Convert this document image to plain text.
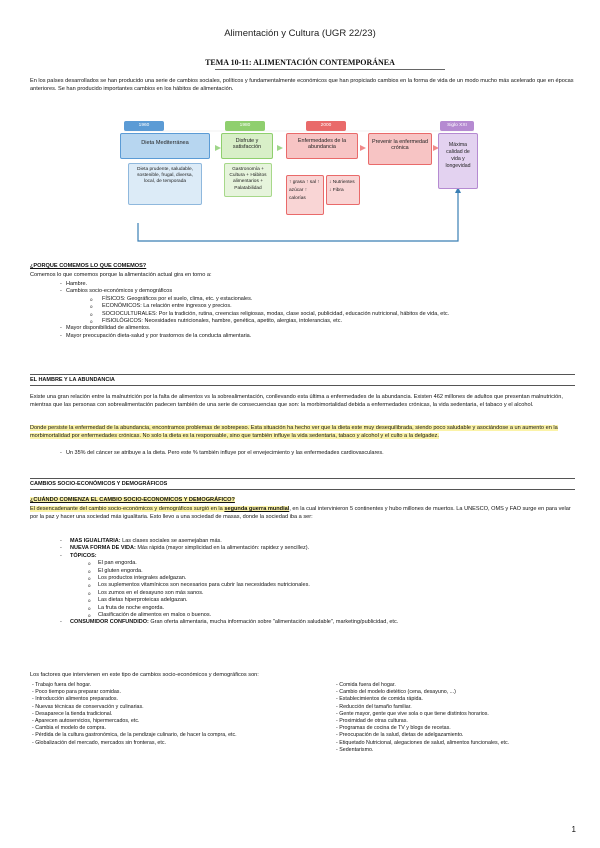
Alimentación y Cultura (UGR 22/23)
TEMA 10-11: ALIMENTACIÓN CONTEMPORÁNEA
En los países desarrollados se han producido una serie de cambios sociales, políticos y fundamentalmente económicos que han propiciado cambios en la forma de vida de un modo mucho más acelerado que en épocas anteriores. Se han producido importantes cambios en los hábitos de alimentación.
1960
Dieta Mediterránea
Dieta prudente, saludable, sostenible, frugal, diversa, local, de temporada
1980
Disfrute y satisfacción
Gastronomía + Cultura + Hábitos alimentarios + Palatabilidad
2000
Enfermedades de la abundancia
↑ grasa ↑ sal ↑ azúcar ↑ calorías
↓ Nutrientes ↓ Fibra
Prevenir la enfermedad crónica
Siglo XXI
Máxima calidad de vida y longevidad
¿PORQUE COMEMOS LO QUE COMEMOS?
Comemos lo que comemos porque la alimentación actual gira en torno a:
- Hambre.
- Cambios socio-económicos y demográficos
o FÍSICOS: Geográficos por el suelo, clima, etc. y estacionales.
o ECONÓMICOS: La relación entre ingresos y precios.
o SOCIOCULTURALES: Por la tradición, rutina, creencias religiosas, modas, clase social, publicidad, educación nutricional, hábitos de vida, etc.
o FISIOLÓGICOS: Necesidades nutricionales, hambre, genética, apetito, alergias, intolerancias, etc.
- Mayor disponibilidad de alimentos.
- Mayor preocupación dieta-salud y por trastornos de la conducta alimentaria.
EL HAMBRE Y LA ABUNDANCIA
Existe una gran relación entre la malnutrición por la falta de alimentos vs la sobrealimentación, conllevando esta última a enfermedades de la abundancia. Existen 462 millones de adultos que presentan malnutrición, mientras que las personas con sobrealimentación padecen también de una serie de consecuencias que son: la morbimortalidad debida a enfermedades crónicas, la vida sedentaria, el tabaco y el alcohol.
Donde persiste la enfermedad de la abundancia, encontramos problemas de sobrepeso. Esta situación ha hecho ver que la dieta este muy desequilibrada, siendo poco saludable y asociándose a un aumento en la morbimortalidad por enfermedades crónicas. No solo la dieta es la responsable, sino que también influye la vida sedentaria, tabaco y alcohol y el culto a la delgadez.
- Un 35% del cáncer se atribuye a la dieta. Pero este % también influye por el envejecimiento y las enfermedades cardiovasculares.
CAMBIOS SOCIO-ECONÓMICOS Y DEMOGRÁFICOS
¿CUÁNDO COMIENZA EL CAMBIO SOCIO-ECONOMICOS Y DEMOGRÁFICO?
El desencadenante del cambio socio-económicos y demográficos surgió en la segunda guerra mundial, en la cual intervinieron 5 continentes y hubo millones de muertos. La UNESCO, OMS y FAO surge en para velar por la paz y hacer una sociedad más igualitaria. Esto llevo a una sociedad de masas, donde la sociedad iba a ser:
- MAS IGUALITARIA: Las clases sociales se asemejaban más.
- NUEVA FORMA DE VIDA: Más rápida (mayor simplicidad en la alimentación: rapidez y sencillez).
- TÓPICOS:
o El pan engorda.
o El gluten engorda.
o Los productos integrales adelgazan.
o Los suplementos vitamínicos son necesarios para cubrir las necesidades nutricionales.
o Los zumos en el desayuno son más sanos.
o Las dietas hiperproteicas adelgazan.
o La fruta de noche engorda.
o Clasificación de alimentos en malos o buenos.
- CONSUMIDOR CONFUNDIDO: Gran oferta alimentaria, mucha información sobre "alimentación saludable", marketing/publicidad, etc.
Los factores que intervienen en este tipo de cambios socio-económicos y demográficos son:
- Trabajo fuera del hogar.
- Poco tiempo para preparar comidas.
- Introducción alimentos preparados.
- Nuevas técnicas de conservación y culinarias.
- Desaparece la tienda tradicional.
- Aparecen autoservicios, hipermercados, etc.
- Cambia el modelo de compra.
- Pérdida de la cultura gastronómica, de la pendizaje culinario, de hacer la compra, etc.
- Globalización del mercado, mercados sin fronteras, etc.
- Comida fuera del hogar.
- Cambio del modelo dietético (cena, desayuno, ...)
- Establecimientos de comida rápida.
- Reducción del tamaño familiar.
- Gente mayor, gente que vive sola o que tiene distintos horarios.
- Proximidad de otras culturas.
- Programas de cocina de TV y blogs de recetas.
- Preocupación de la salud, dietas de adelgazamiento.
- Etiquetado Nutricional, alegaciones de salud, alimentos funcionales, etc.
- Sedentarismo.
1
